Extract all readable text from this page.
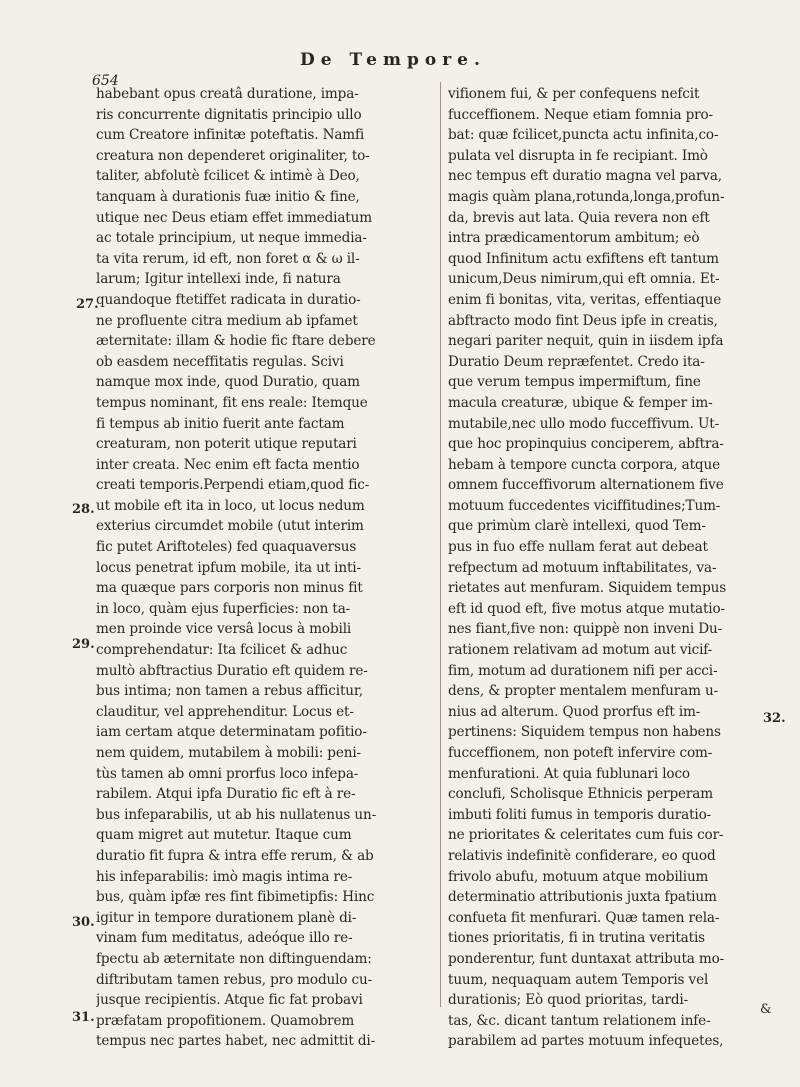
De Tempore.
654
habebant opus creatâ duratione, impa-
ris concurrente dignitatis principio ullo
cum Creatore infinitæ poteftatis. Namfi
creatura non dependeret originaliter, to-
taliter, abfolutè fcilicet & intimè à Deo,
tanquam à durationis fuæ initio & fine,
utique nec Deus etiam effet immediatum
ac totale principium, ut neque immedia-
ta vita rerum, id eft, non foret α & ω il-
larum; Igitur intellexi inde, fi natura
quandoque ftetiffet radicata in duratio-
ne profluente citra medium ab ipfamet
æternitate: illam & hodie fic ftare debere
ob easdem neceffitatis regulas. Scivi
namque mox inde, quod Duratio, quam
tempus nominant, fit ens reale: Itemque
fi tempus ab initio fuerit ante factam
creaturam, non poterit utique reputari
inter creata. Nec enim eft facta mentio
creati temporis.Perpendi etiam,quod fic-
ut mobile eft ita in loco, ut locus nedum
exterius circumdet mobile (utut interim
fic putet Ariftoteles) fed quaquaversus
locus penetrat ipfum mobile, ita ut inti-
ma quæque pars corporis non minus fit
in loco, quàm ejus fuperficies: non ta-
men proinde vice versâ locus à mobili
comprehendatur: Ita fcilicet & adhuc
multò abftractius Duratio eft quidem re-
bus intima; non tamen a rebus afficitur,
clauditur, vel apprehenditur. Locus et-
iam certam atque determinatam pofitio-
nem quidem, mutabilem à mobili: peni-
tùs tamen ab omni prorfus loco infepa-
rabilem. Atqui ipfa Duratio fic eft à re-
bus infeparabilis, ut ab his nullatenus un-
quam migret aut mutetur. Itaque cum
duratio fit fupra & intra effe rerum, & ab
his infeparabilis: imò magis intima re-
bus, quàm ipfæ res fint fibimetipfis: Hinc
igitur in tempore durationem planè di-
vinam fum meditatus, adeóque illo re-
fpectu ab æternitate non diftinguendam:
diftributam tamen rebus, pro modulo cu-
jusque recipientis. Atque fic fat probavi
præfatam propofitionem. Quamobrem
tempus nec partes habet, nec admittit di-
vifionem fui, & per confequens nefcit
fucceffionem. Neque etiam fomnia pro-
bat: quæ fcilicet,puncta actu infinita,co-
pulata vel disrupta in fe recipiant. Imò
nec tempus eft duratio magna vel parva,
magis quàm plana,rotunda,longa,profun-
da, brevis aut lata. Quia revera non eft
intra prædicamentorum ambitum; eò
quod Infinitum actu exfiftens eft tantum
unicum,Deus nimirum,qui eft omnia. Et-
enim fi bonitas, vita, veritas, effentiaque
abftracto modo fint Deus ipfe in creatis,
negari pariter nequit, quin in iisdem ipfa
Duratio Deum repræfentet. Credo ita-
que verum tempus impermiftum, fine
macula creaturæ, ubique & femper im-
mutabile,nec ullo modo fucceffivum. Ut-
que hoc propinquius conciperem, abftra-
hebam à tempore cuncta corpora, atque
omnem fucceffivorum alternationem five
motuum fuccedentes viciffitudines;Tum-
que primùm clarè intellexi, quod Tem-
pus in fuo effe nullam ferat aut debeat
refpectum ad motuum inftabilitates, va-
rietates aut menfuram. Siquidem tempus
eft id quod eft, five motus atque mutatio-
nes fiant,five non: quippè non inveni Du-
rationem relativam ad motum aut vicif-
fim, motum ad durationem nifi per acci-
dens, & propter mentalem menfuram u-
nius ad alterum. Quod prorfus eft im-
pertinens: Siquidem tempus non habens
fucceffionem, non poteft infervire com-
menfurationi. At quia fublunari loco
conclufi, Scholisque Ethnicis perperam
imbuti foliti fumus in temporis duratio-
ne prioritates & celeritates cum fuis cor-
relativis indefinitè confiderare, eo quod
frivolo abufu, motuum atque mobilium
determinatio attributionis juxta fpatium
confueta fit menfurari. Quæ tamen rela-
tiones prioritatis, fi in trutina veritatis
ponderentur, funt duntaxat attributa mo-
tuum, nequaquam autem Temporis vel
durationis; Eò quod prioritas, tardi-
tas, &c. dicant tantum relationem infe-
parabilem ad partes motuum infequetes,
27.
28.
29.
30.
31.
32.
&
